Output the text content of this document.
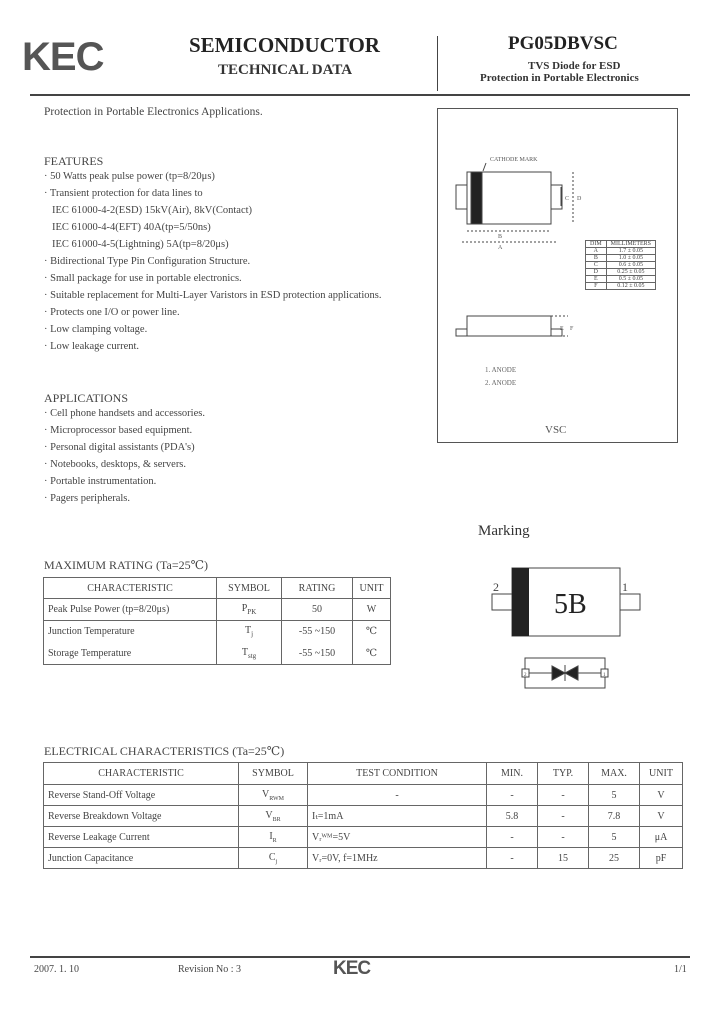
KEC	SEMICONDUCTOR
TECHNICAL DATA
PG05DBVSC
TVS Diode for ESD
Protection in Portable Electronics
Protection in Portable Electronics Applications.
FEATURES
· 50 Watts peak pulse power (tp=8/20μs)
· Transient protection for data lines to
IEC 61000-4-2(ESD) 15kV(Air), 8kV(Contact)
IEC 61000-4-4(EFT) 40A(tp=5/50ns)
IEC 61000-4-5(Lightning) 5A(tp=8/20μs)
· Bidirectional Type Pin Configuration Structure.
· Small package for use in portable electronics.
· Suitable replacement for Multi-Layer Varistors in ESD protection applications.
· Protects one I/O or power line.
· Low clamping voltage.
· Low leakage current.
APPLICATIONS
· Cell phone handsets and accessories.
· Microprocessor based equipment.
· Personal digital assistants (PDA's)
· Notebooks, desktops, & servers.
· Portable instrumentation.
· Pagers peripherals.
CATHODE MARK
A
B
C D
E F
DIM	MILLIMETERS
A	1.7 ± 0.05
B	1.0 ± 0.05
C	0.6 ± 0.05
D	0.25 ± 0.05
E	0.5 ± 0.05
F	0.12 ± 0.05
1. ANODE
2. ANODE
VSC
Marking
2	1
5B
2	1
MAXIMUM RATING (Ta=25℃)
CHARACTERISTIC	SYMBOL	RATING	UNIT
Peak Pulse Power (tp=8/20μs)	$P_{PK}$	50	W
Junction Temperature	$T_j$	-55 ~150	℃
Storage Temperature	$T_{stg}$	-55 ~150	℃
ELECTRICAL CHARACTERISTICS (Ta=25℃)
CHARACTERISTIC	SYMBOL	TEST CONDITION	MIN.	TYP.	MAX.	UNIT
Reverse Stand-Off Voltage	$V_{RWM}$	-	-	-	5	V
Reverse Breakdown Voltage	$V_{BR}$	Iₜ=1mA	5.8	-	7.8	V
Reverse Leakage Current	$I_R$	Vᵣᵂᴹ=5V	-	-	5	μA
Junction Capacitance	$C_j$	Vᵣ=0V, f=1MHz	-	15	25	pF
2007. 1. 10	Revision No : 3	KEC	1/1
